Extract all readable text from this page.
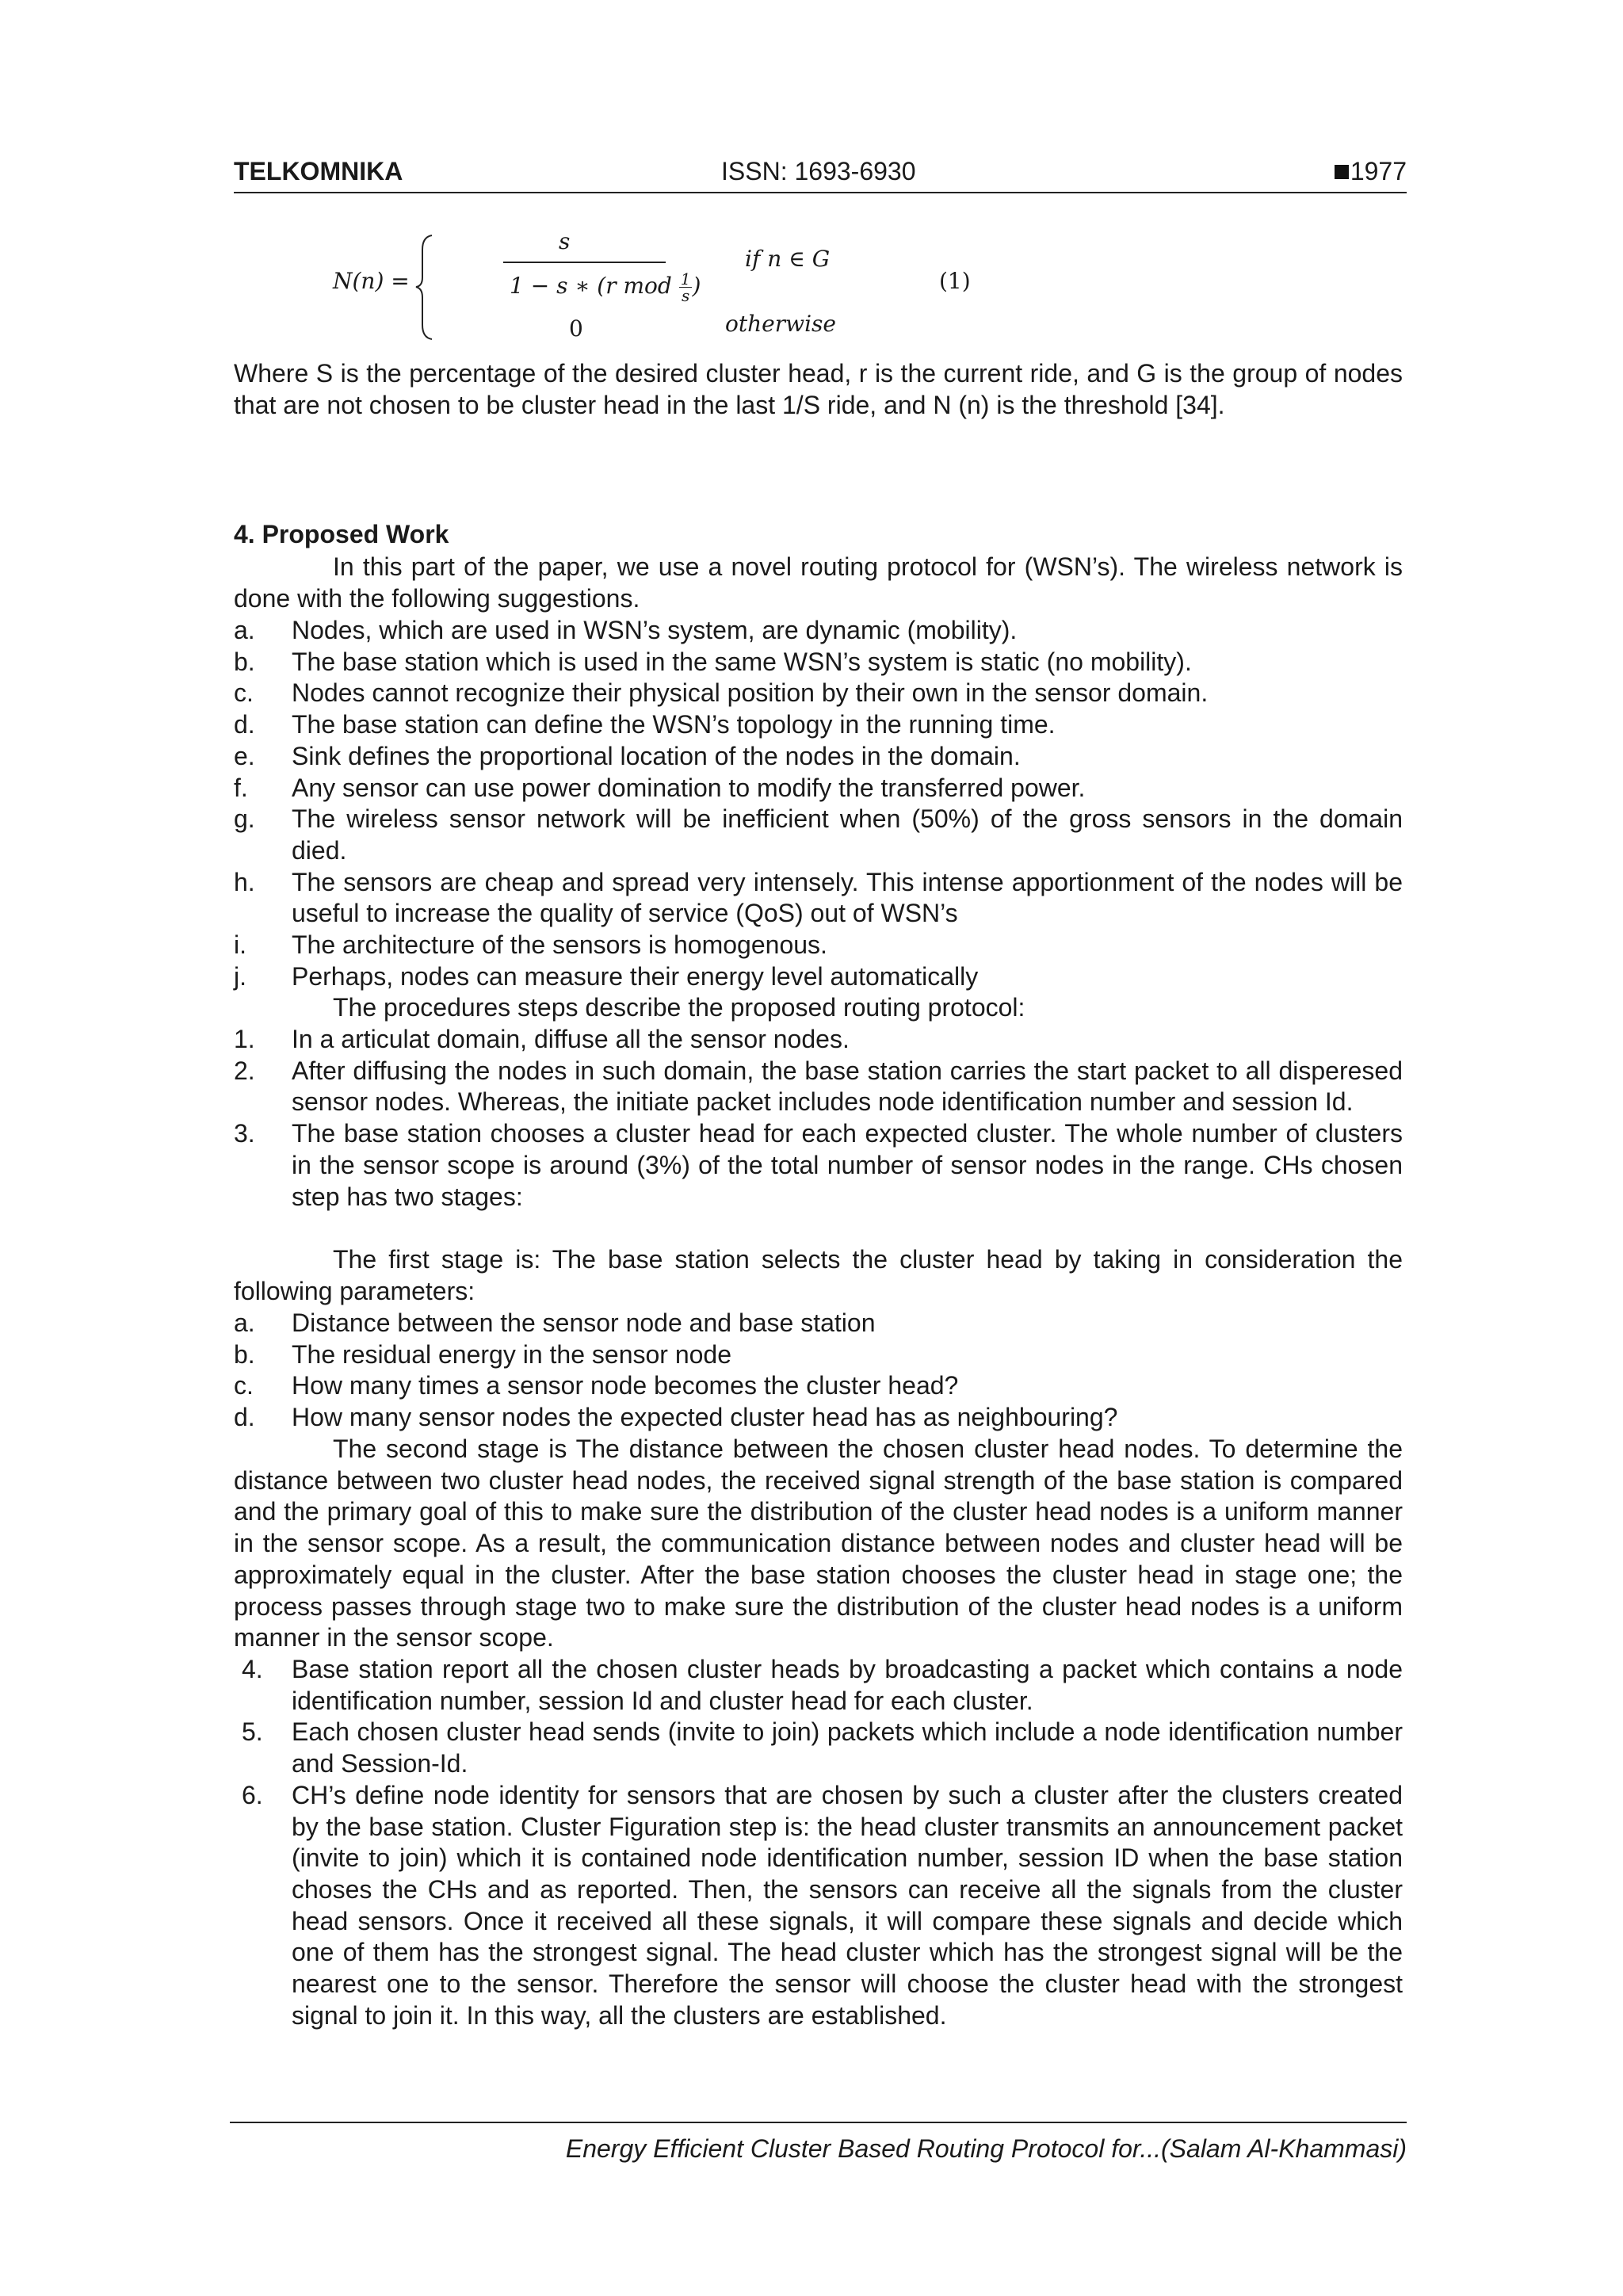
TELKOMNIKA	ISSN: 1693-6930	1977
N(n) =
s
1 − s ∗ (r mod $\frac{1}{s}$ )
0
if n ∈ G
otherwise
(1)

Where S is the percentage of the desired cluster head, r is the current ride, and G is the group of nodes that are not chosen to be cluster head in the last 1/S ride, and N (n) is the threshold [34].

4. Proposed Work

In this part of the paper, we use a novel routing protocol for (WSN’s). The wireless network is done with the following suggestions.

a. Nodes, which are used in WSN’s system, are dynamic (mobility).
b. The base station which is used in the same WSN’s system is static (no mobility).
c. Nodes cannot recognize their physical position by their own in the sensor domain.
d. The base station can define the WSN’s topology in the running time.
e. Sink defines the proportional location of the nodes in the domain.
f. Any sensor can use power domination to modify the transferred power.
g. The wireless sensor network will be inefficient when (50%) of the gross sensors in the domain died.
h. The sensors are cheap and spread very intensely. This intense apportionment of the nodes will be useful to increase the quality of service (QoS) out of WSN’s
i. The architecture of the sensors is homogenous.
j. Perhaps, nodes can measure their energy level automatically

The procedures steps describe the proposed routing protocol:

1. In a articulat domain, diffuse all the sensor nodes.
2. After diffusing the nodes in such domain, the base station carries the start packet to all disperesed sensor nodes. Whereas, the initiate packet includes node identification number and session Id.
3. The base station chooses a cluster head for each expected cluster. The whole number of clusters in the sensor scope is around (3%) of the total number of sensor nodes in the range. CHs chosen step has two stages:

The first stage is: The base station selects the cluster head by taking in consideration the following parameters:

a. Distance between the sensor node and base station
b. The residual energy in the sensor node
c. How many times a sensor node becomes the cluster head?
d. How many sensor nodes the expected cluster head has as neighbouring?

The second stage is The distance between the chosen cluster head nodes. To determine the distance between two cluster head nodes, the received signal strength of the base station is compared and the primary goal of this to make sure the distribution of the cluster head nodes is a uniform manner in the sensor scope. As a result, the communication distance between nodes and cluster head will be approximately equal in the cluster. After the base station chooses the cluster head in stage one; the process passes through stage two to make sure the distribution of the cluster head nodes is a uniform manner in the sensor scope.

4. Base station report all the chosen cluster heads by broadcasting a packet which contains a node identification number, session Id and cluster head for each cluster.
5. Each chosen cluster head sends (invite to join) packets which include a node identification number and Session-Id.
6. CH’s define node identity for sensors that are chosen by such a cluster after the clusters created by the base station. Cluster Figuration step is: the head cluster transmits an announcement packet (invite to join) which it is contained node identification number, session ID when the base station choses the CHs and as reported. Then, the sensors can receive all the signals from the cluster head sensors. Once it received all these signals, it will compare these signals and decide which one of them has the strongest signal. The head cluster which has the strongest signal will be the nearest one to the sensor. Therefore the sensor will choose the cluster head with the strongest signal to join it. In this way, all the clusters are established.
Energy Efficient Cluster Based Routing Protocol for...(Salam Al-Khammasi)
